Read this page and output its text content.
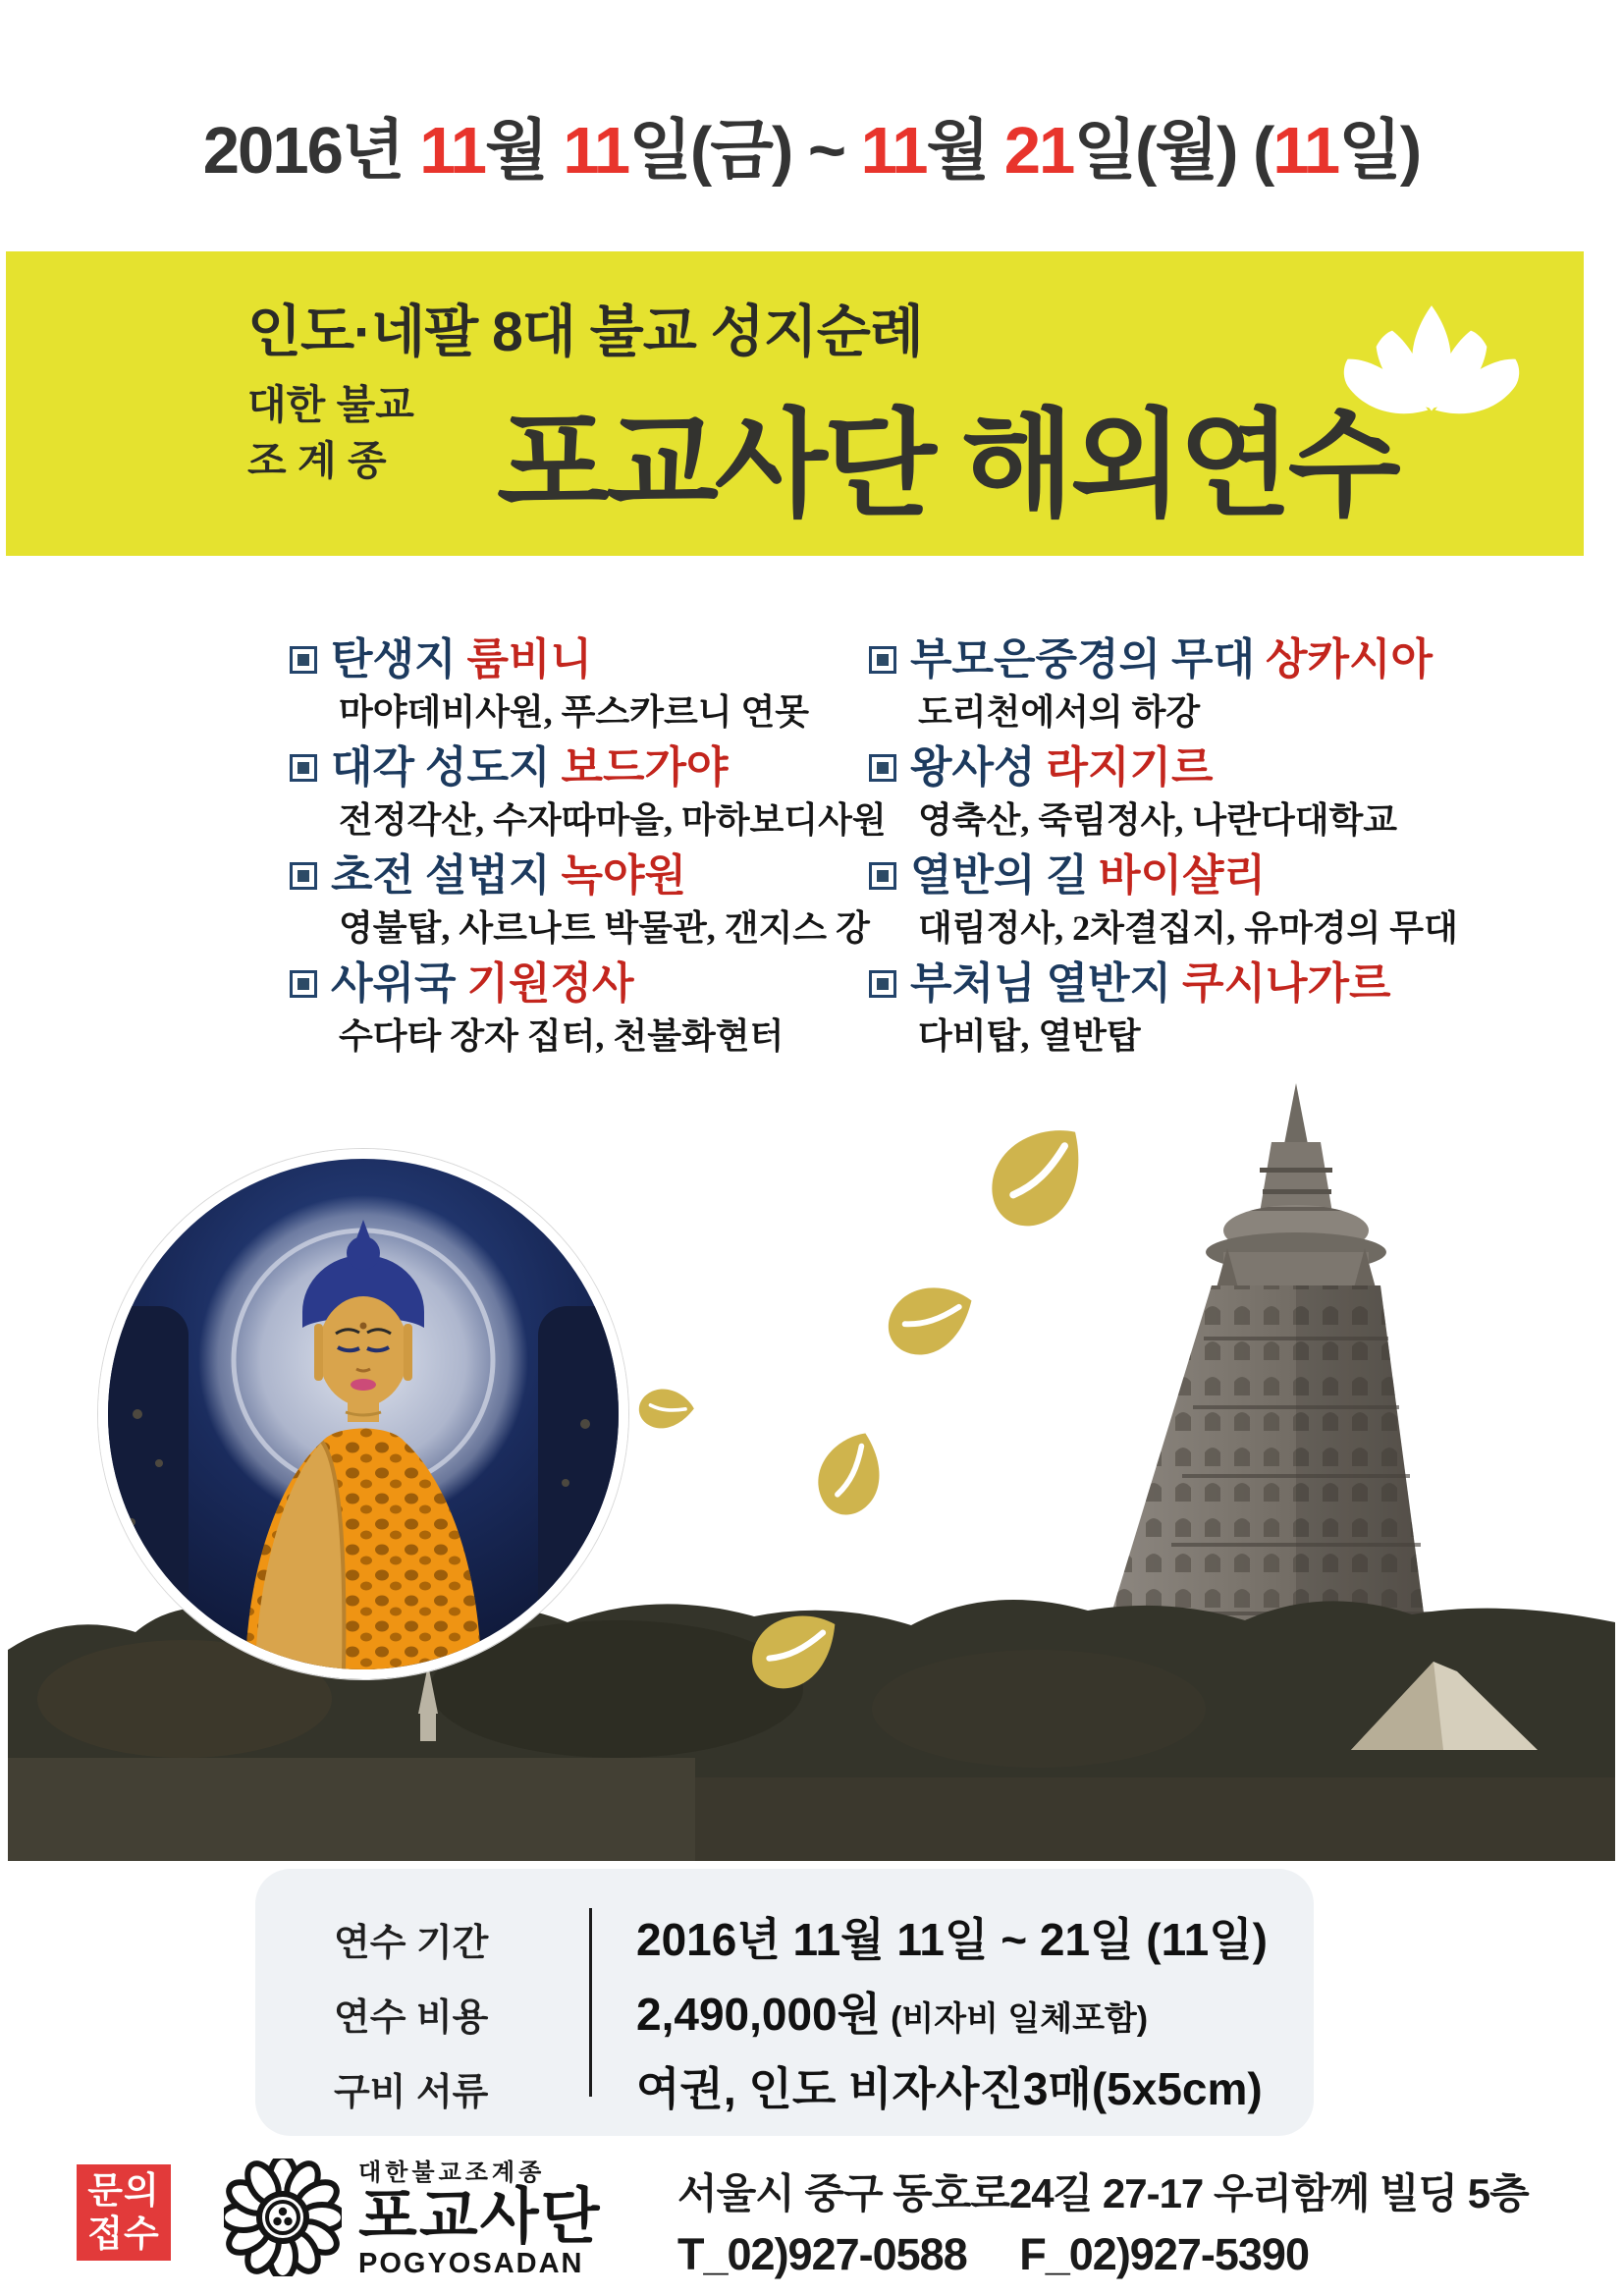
2016년 11월 11일(금) ~ 11월 21일(월) (11일)
인도·네팔 8대 불교 성지순례
대한 불교
조 계 종 포교사단 해외연수
탄생지 룸비니
마야데비사원, 푸스카르니 연못
대각 성도지 보드가야
전정각산, 수자따마을, 마하보디사원
초전 설법지 녹야원
영불탑, 사르나트 박물관, 갠지스 강
사위국 기원정사
수다타 장자 집터, 천불화현터
부모은중경의 무대 상카시아
도리천에서의 하강
왕사성 라지기르
영축산, 죽림정사, 나란다대학교
열반의 길 바이샬리
대림정사, 2차결집지, 유마경의 무대
부처님 열반지 쿠시나가르
다비탑, 열반탑
연수 기간	2016년 11월 11일 ~ 21일 (11일)
연수 비용	2,490,000원 (비자비 일체포함)
구비 서류	여권, 인도 비자사진3매(5x5cm)
문의
접수
대한불교조계종
포교사단
POGYOSADAN
서울시 중구 동호로24길 27-17 우리함께 빌딩 5층
T_02)927-0588 F_02)927-5390
